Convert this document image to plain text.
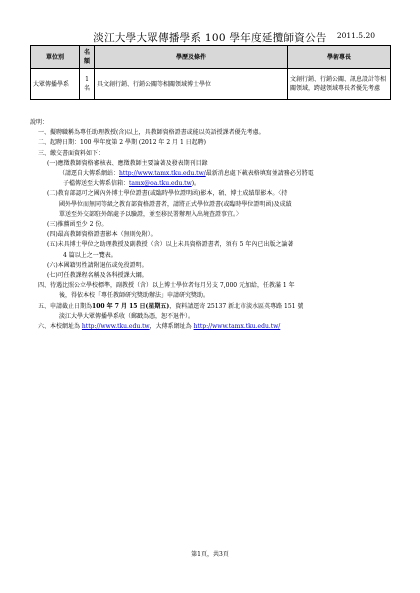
淡江大學大眾傳播學系 100 學年度延攬師資公告	2011.5.20
單位別	名額	學歷及條件	學術專長
大眾傳播學系	1 名	具文創行銷、行銷公關等相關領域博士學位	文創行銷、行銷公關、訊息設計等相關領域，跨越領域專長者優先考慮
說明：
一、擬聘職稱為專任助理教授(含)以上，具教師資格證書或能以英語授課者優先考慮。
二、起聘日期：100 學年度第 2 學期 (2012 年 2 月 1 日起聘)
三、繳交書面資料如下：
(一)應徵教師資格審核表、應徵教師主要論著及發表期刊目錄
（請逕自大傳系網站：http://www.tamx.tku.edu.tw/最新消息處下載表格填寫並請務必另將電
子檔傳送至大傳系信箱：tamx@oa.tku.edu.tw)。
(二)教育部認可之國內外博士學位證書(或臨時學位證明函)影本，碩、博士成績單影本。〈持
國外學位而無同等級之教育部資格證書者，請將正式學位證書(或臨時學位證明函)及成績
單送至外交部駐外館處予以驗證，並至移民署辦理入出境查證事宜。〉
(三)推薦函至少 2 份。
(四)最高教師資格證書影本（無則免附）。
(五)未具博士學位之助理教授及副教授（含）以上未具資格證書者，須有 5 年內已出版之論著
4 篇以上之一覽表。
(六)本國籍男性請附退伍或免役證明。
(七)可任教課程名稱及各科授課大綱。
四、待遇比照公立學校標準，副教授（含）以上博士學位者每月另支 7,000 元加給，任教滿 1 年
後，得依本校「專任教師研究獎助辦法」申請研究獎助。
五、申請截止日期為100 年 7 月 15 日(星期五)，資料請逕寄 25137 新北市淡水區英專路 151 號
淡江大學大眾傳播學系收（郵戳為憑，恕不退件）。
六、本校網址為 http://www.tku.edu.tw，大傳系網址為 http://www.tamx.tku.edu.tw/
第1頁，共3頁
